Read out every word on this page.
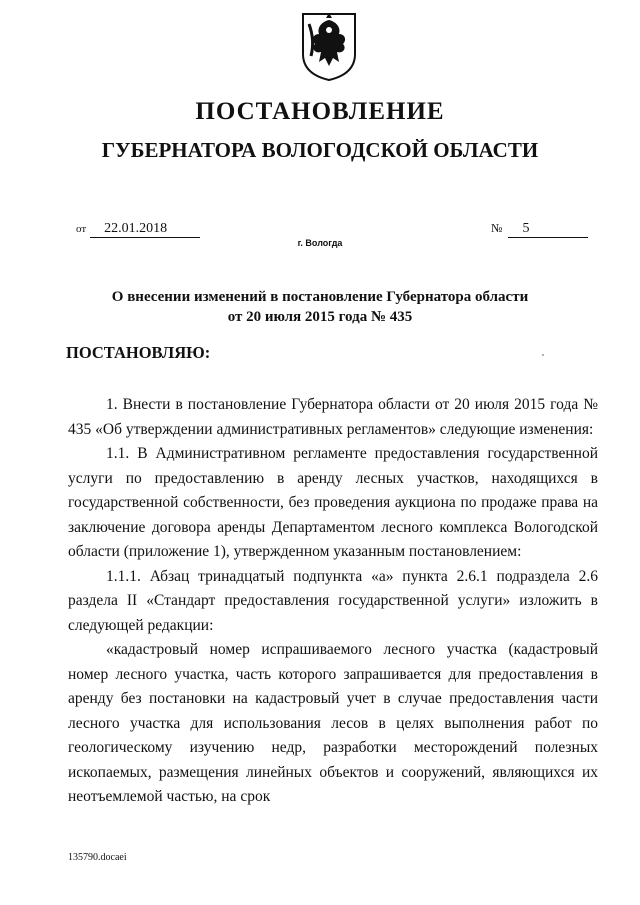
ПОСТАНОВЛЕНИЕ
ГУБЕРНАТОРА ВОЛОГОДСКОЙ ОБЛАСТИ
от 22.01.2018	№ 5
г. Вологда
О внесении изменений в постановление Губернатора области
от 20 июля 2015 года № 435
ПОСТАНОВЛЯЮ:

1. Внести в постановление Губернатора области от 20 июля 2015 года № 435 «Об утверждении административных регламентов» следующие изменения:

1.1. В Административном регламенте предоставления государственной услуги по предоставлению в аренду лесных участков, находящихся в государственной собственности, без проведения аукциона по продаже права на заключение договора аренды Департаментом лесного комплекса Вологодской области (приложение 1), утвержденном указанным постановлением:

1.1.1. Абзац тринадцатый подпункта «а» пункта 2.6.1 подраздела 2.6 раздела II «Стандарт предоставления государственной услуги» изложить в следующей редакции:

«кадастровый номер испрашиваемого лесного участка (кадастровый номер лесного участка, часть которого запрашивается для предоставления в аренду без постановки на кадастровый учет в случае предоставления части лесного участка для использования лесов в целях выполнения работ по геологическому изучению недр, разработки месторождений полезных ископаемых, размещения линейных объектов и сооружений, являющихся их неотъемлемой частью, на срок

135790.docaei
